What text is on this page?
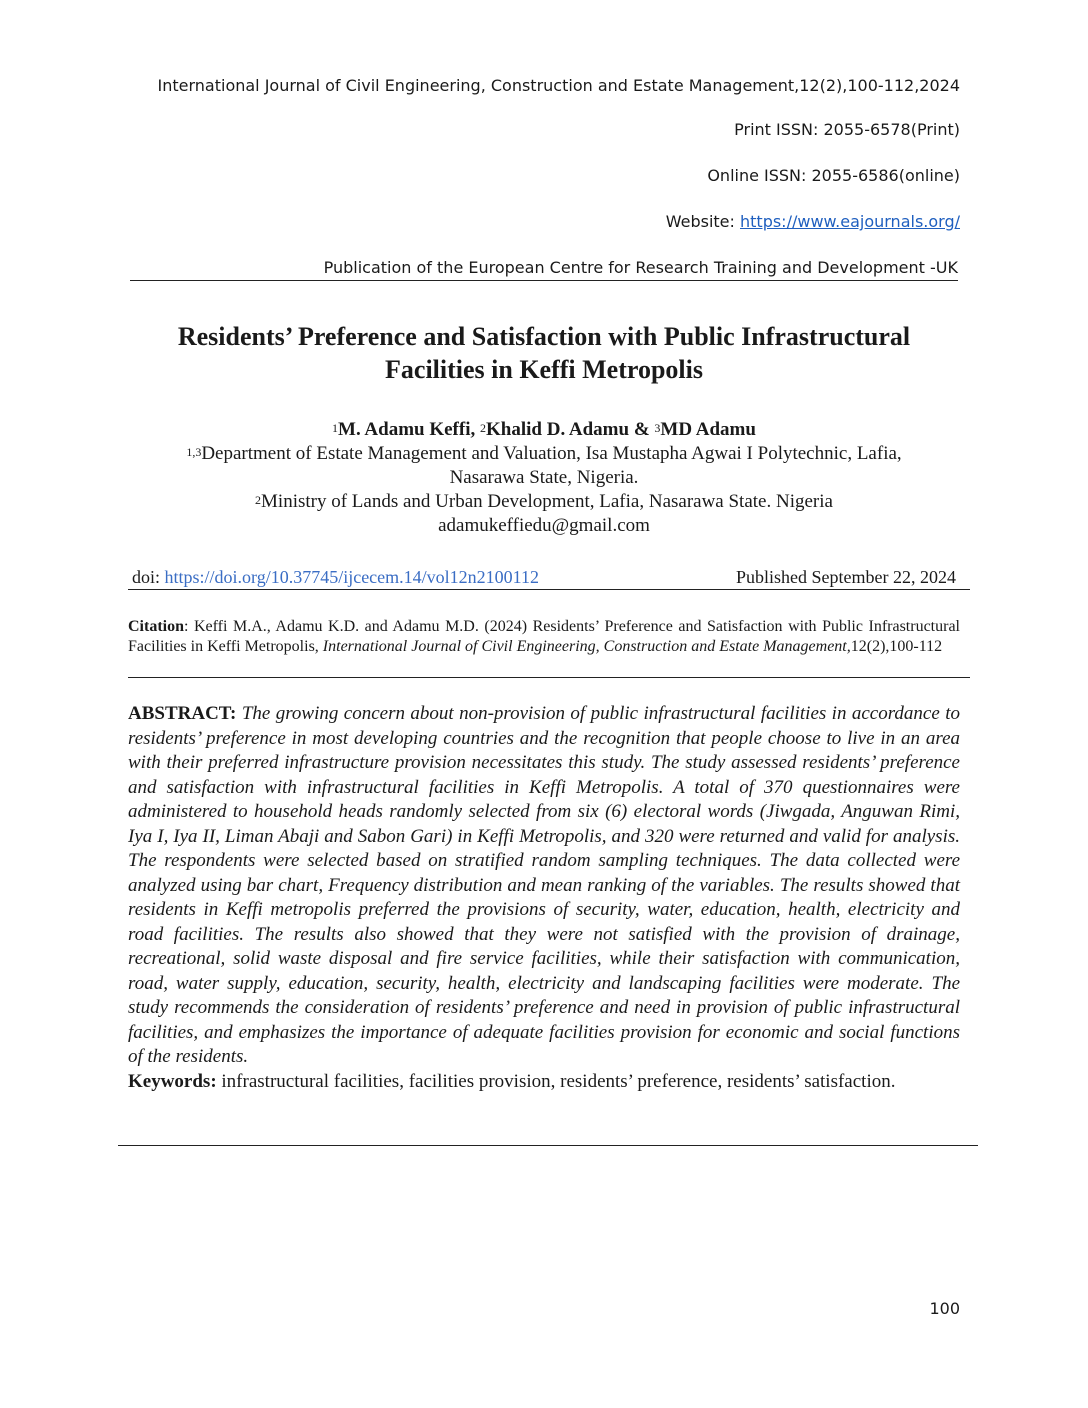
International Journal of Civil Engineering, Construction and Estate Management,12(2),100-112,2024
Print ISSN: 2055-6578(Print)
Online ISSN: 2055-6586(online)
Website: https://www.eajournals.org/
Publication of the European Centre for Research Training and Development -UK
Residents’ Preference and Satisfaction with Public Infrastructural
Facilities in Keffi Metropolis
$^1$M. Adamu Keffi, $^2$Khalid D. Adamu & $^3$MD Adamu
$^{1,3}$Department of Estate Management and Valuation, Isa Mustapha Agwai I Polytechnic, Lafia,
Nasarawa State, Nigeria.
$^2$Ministry of Lands and Urban Development, Lafia, Nasarawa State. Nigeria
adamukeffiedu@gmail.com
doi: https://doi.org/10.37745/ijcecem.14/vol12n2100112	Published September 22, 2024
Citation: Keffi M.A., Adamu K.D. and Adamu M.D. (2024) Residents’ Preference and Satisfaction with Public Infrastructural Facilities in Keffi Metropolis, International Journal of Civil Engineering, Construction and Estate Management,12(2),100-112
ABSTRACT: The growing concern about non-provision of public infrastructural facilities in accordance to residents’ preference in most developing countries and the recognition that people choose to live in an area with their preferred infrastructure provision necessitates this study. The study assessed residents’ preference and satisfaction with infrastructural facilities in Keffi Metropolis. A total of 370 questionnaires were administered to household heads randomly selected from six (6) electoral words (Jiwgada, Anguwan Rimi, Iya I, Iya II, Liman Abaji and Sabon Gari) in Keffi Metropolis, and 320 were returned and valid for analysis. The respondents were selected based on stratified random sampling techniques. The data collected were analyzed using bar chart, Frequency distribution and mean ranking of the variables. The results showed that residents in Keffi metropolis preferred the provisions of security, water, education, health, electricity and road facilities. The results also showed that they were not satisfied with the provision of drainage, recreational, solid waste disposal and fire service facilities, while their satisfaction with communication, road, water supply, education, security, health, electricity and landscaping facilities were moderate. The study recommends the consideration of residents’ preference and need in provision of public infrastructural facilities, and emphasizes the importance of adequate facilities provision for economic and social functions of the residents.
Keywords: infrastructural facilities, facilities provision, residents’ preference, residents’ satisfaction.
100
